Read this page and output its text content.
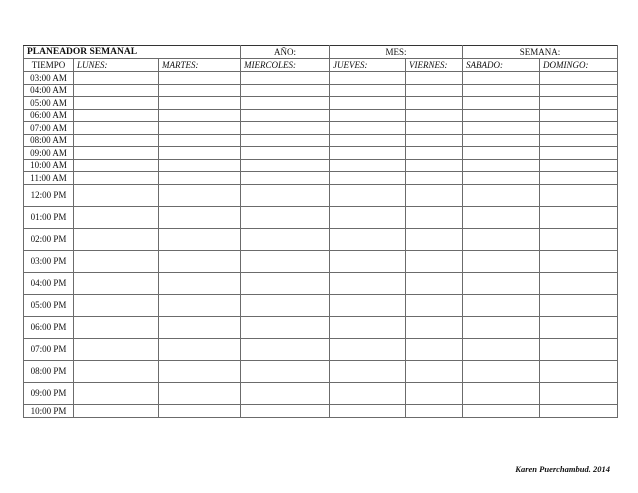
PLANEADOR SEMANAL			AÑO:	MES:		SEMANA:	
TIEMPO	LUNES:	MARTES:	MIERCOLES:	JUEVES:	VIERNES:	SABADO:	DOMINGO:
03:00 AM							
04:00 AM							
05:00 AM							
06:00 AM							
07:00 AM							
08:00 AM							
09:00 AM							
10:00 AM							
11:00 AM							
12:00 PM							
01:00 PM							
02:00 PM							
03:00 PM							
04:00 PM							
05:00 PM							
06:00 PM							
07:00 PM							
08:00 PM							
09:00 PM							
10:00 PM							
Karen Puerchambud. 2014
